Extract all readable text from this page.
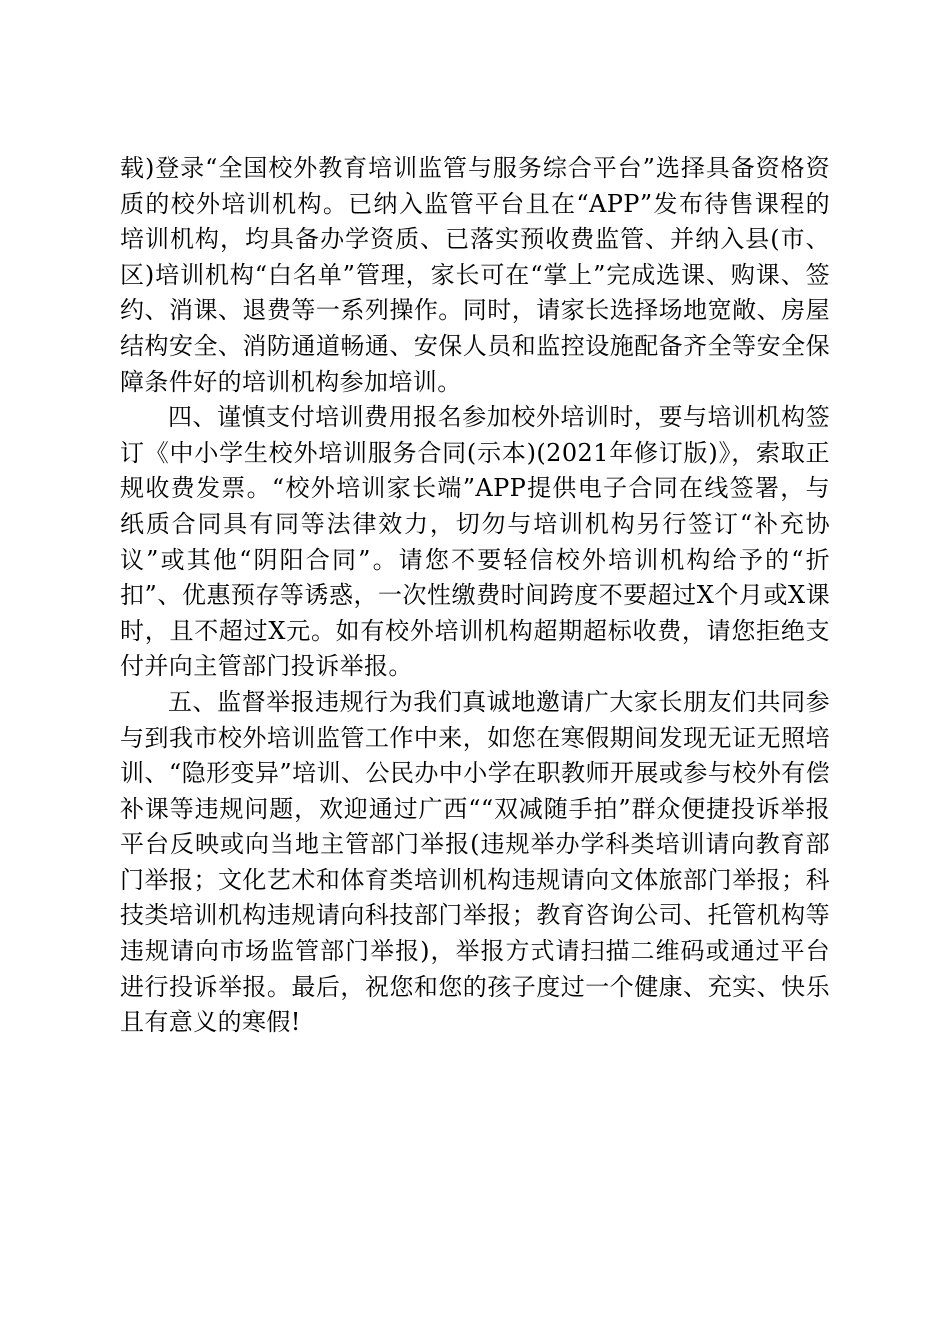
载)登录“全国校外教育培训监管与服务综合平台”选择具备资格资质的校外培训机构。已纳入监管平台且在“APP”发布待售课程的培训机构，均具备办学资质、已落实预收费监管、并纳入县(市、区)培训机构“白名单”管理，家长可在“掌上”完成选课、购课、签约、消课、退费等一系列操作。同时，请家长选择场地宽敞、房屋结构安全、消防通道畅通、安保人员和监控设施配备齐全等安全保障条件好的培训机构参加培训。

四、谨慎支付培训费用报名参加校外培训时，要与培训机构签订《中小学生校外培训服务合同(示本)(2021年修订版)》，索取正规收费发票。“校外培训家长端”APP提供电子合同在线签署，与纸质合同具有同等法律效力，切勿与培训机构另行签订“补充协议”或其他“阴阳合同”。请您不要轻信校外培训机构给予的“折扣”、优惠预存等诱惑，一次性缴费时间跨度不要超过X个月或X课时，且不超过X元。如有校外培训机构超期超标收费，请您拒绝支付并向主管部门投诉举报。

五、监督举报违规行为我们真诚地邀请广大家长朋友们共同参与到我市校外培训监管工作中来，如您在寒假期间发现无证无照培训、“隐形变异”培训、公民办中小学在职教师开展或参与校外有偿补课等违规问题，欢迎通过广西““双减随手拍”群众便捷投诉举报平台反映或向当地主管部门举报(违规举办学科类培训请向教育部门举报；文化艺术和体育类培训机构违规请向文体旅部门举报；科技类培训机构违规请向科技部门举报；教育咨询公司、托管机构等违规请向市场监管部门举报)，举报方式请扫描二维码或通过平台进行投诉举报。最后，祝您和您的孩子度过一个健康、充实、快乐且有意义的寒假!
